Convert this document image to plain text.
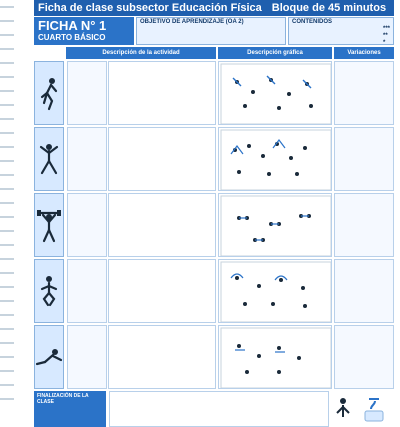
Ficha de clase subsector Educación Física Bloque de 45 minutos
FICHA N° 1
CUARTO BÁSICO
OBJETIVO DE APRENDIZAJE (OA 2)	CONTENIDOS
***
**
*
Descripción de la actividad	Descripción gráfica	Variaciones
FINALIZACIÓN DE LA CLASE
